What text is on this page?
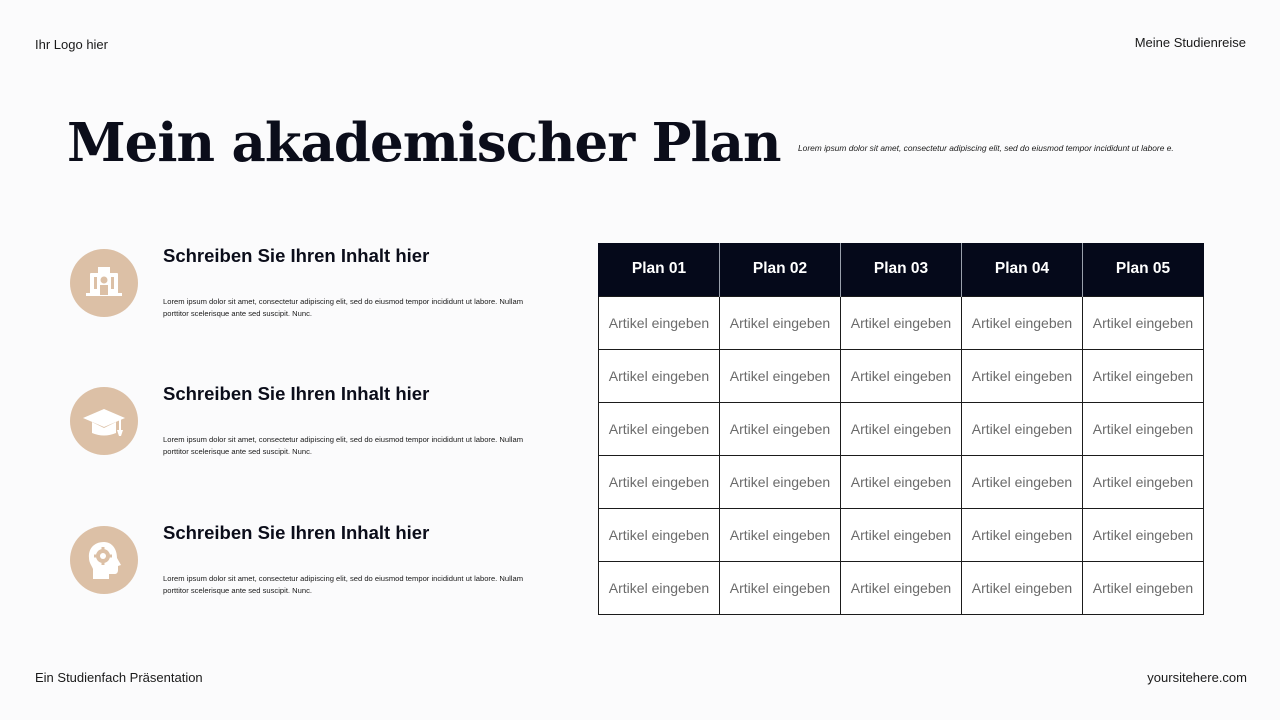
Ihr Logo hier	Meine Studienreise
Mein akademischer Plan Lorem ipsum dolor sit amet, consectetur adipiscing elit, sed do eiusmod tempor incididunt ut labore e.
Schreiben Sie Ihren Inhalt hier

Lorem ipsum dolor sit amet, consectetur adipiscing elit, sed do eiusmod tempor incididunt ut labore. Nullam porttitor scelerisque ante sed suscipit. Nunc.

Schreiben Sie Ihren Inhalt hier

Lorem ipsum dolor sit amet, consectetur adipiscing elit, sed do eiusmod tempor incididunt ut labore. Nullam porttitor scelerisque ante sed suscipit. Nunc.

Schreiben Sie Ihren Inhalt hier

Lorem ipsum dolor sit amet, consectetur adipiscing elit, sed do eiusmod tempor incididunt ut labore. Nullam porttitor scelerisque ante sed suscipit. Nunc.

Plan 01	Plan 02	Plan 03	Plan 04	Plan 05
Artikel eingeben	Artikel eingeben	Artikel eingeben	Artikel eingeben	Artikel eingeben
Artikel eingeben	Artikel eingeben	Artikel eingeben	Artikel eingeben	Artikel eingeben
Artikel eingeben	Artikel eingeben	Artikel eingeben	Artikel eingeben	Artikel eingeben
Artikel eingeben	Artikel eingeben	Artikel eingeben	Artikel eingeben	Artikel eingeben
Artikel eingeben	Artikel eingeben	Artikel eingeben	Artikel eingeben	Artikel eingeben
Artikel eingeben	Artikel eingeben	Artikel eingeben	Artikel eingeben	Artikel eingeben
Ein Studienfach Präsentation	yoursitehere.com
